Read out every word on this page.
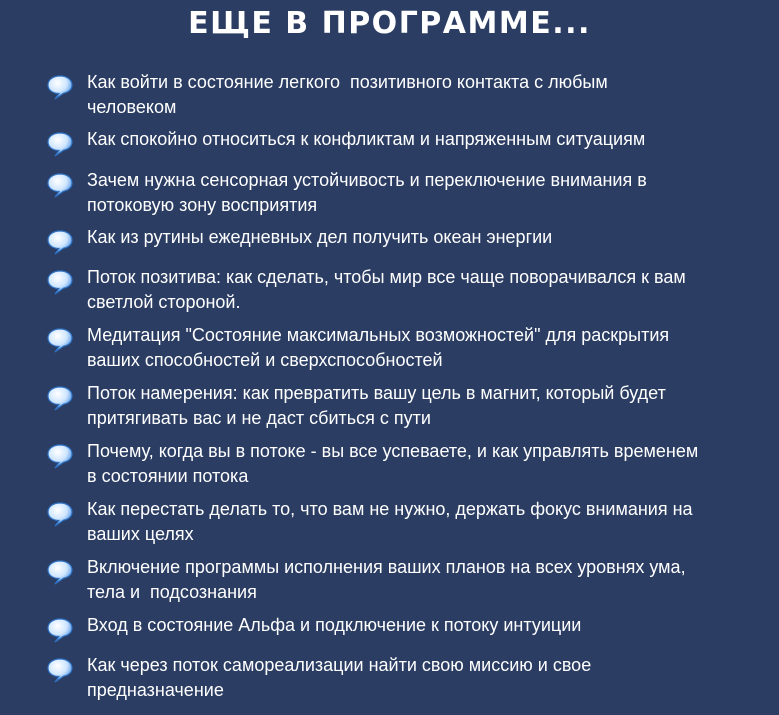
ЕЩЕ В ПРОГРАММЕ...
Как войти в состояние легкого  позитивного контакта с любым
человеком
Как спокойно относиться к конфликтам и напряженным ситуациям
Зачем нужна сенсорная устойчивость и переключение внимания в
потоковую зону восприятия
Как из рутины ежедневных дел получить океан энергии
Поток позитива: как сделать, чтобы мир все чаще поворачивался к вам
светлой стороной.
Медитация "Состояние максимальных возможностей" для раскрытия
ваших способностей и сверхспособностей
Поток намерения: как превратить вашу цель в магнит, который будет
притягивать вас и не даст сбиться с пути
Почему, когда вы в потоке - вы все успеваете, и как управлять временем
в состоянии потока
Как перестать делать то, что вам не нужно, держать фокус внимания на
ваших целях
Включение программы исполнения ваших планов на всех уровнях ума,
тела и  подсознания
Вход в состояние Альфа и подключение к потоку интуиции
Как через поток самореализации найти свою миссию и свое
предназначение
